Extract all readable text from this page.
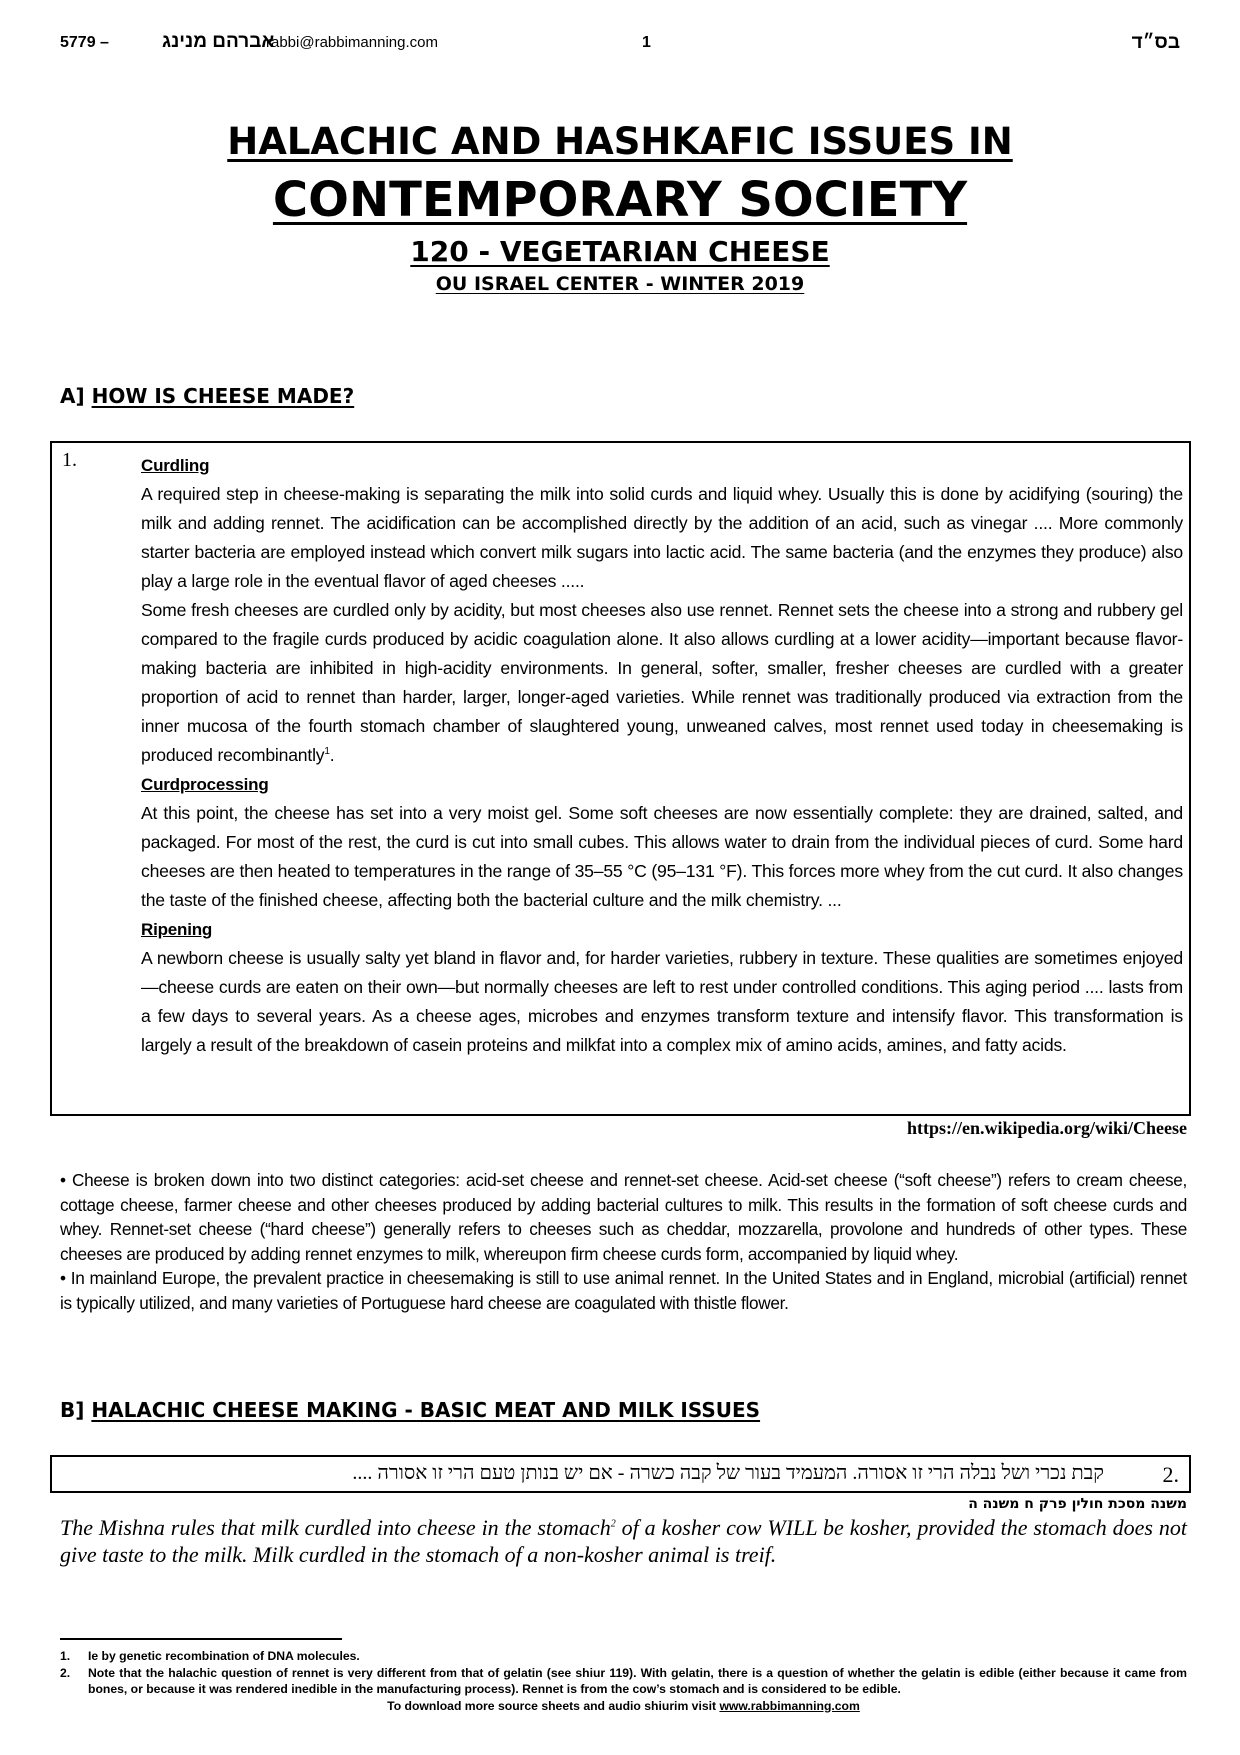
5779 –	אברהם מנינג
rabbi@rabbimanning.com	1	בס״ד
HALACHIC AND HASHKAFIC ISSUES IN
CONTEMPORARY SOCIETY
120 - VEGETARIAN CHEESE
OU ISRAEL CENTER - WINTER 2019
A] HOW IS CHEESE MADE?
1.	Curdling

A required step in cheese-making is separating the milk into solid curds and liquid whey. Usually this is done by acidifying (souring) the milk and adding rennet. The acidification can be accomplished directly by the addition of an acid, such as vinegar .... More commonly starter bacteria are employed instead which convert milk sugars into lactic acid. The same bacteria (and the enzymes they produce) also play a large role in the eventual flavor of aged cheeses .....

Some fresh cheeses are curdled only by acidity, but most cheeses also use rennet. Rennet sets the cheese into a strong and rubbery gel compared to the fragile curds produced by acidic coagulation alone. It also allows curdling at a lower acidity—important because flavor-making bacteria are inhibited in high-acidity environments. In general, softer, smaller, fresher cheeses are curdled with a greater proportion of acid to rennet than harder, larger, longer-aged varieties. While rennet was traditionally produced via extraction from the inner mucosa of the fourth stomach chamber of slaughtered young, unweaned calves, most rennet used today in cheesemaking is produced recombinantly$^1$.

Curdprocessing

At this point, the cheese has set into a very moist gel. Some soft cheeses are now essentially complete: they are drained, salted, and packaged. For most of the rest, the curd is cut into small cubes. This allows water to drain from the individual pieces of curd. Some hard cheeses are then heated to temperatures in the range of 35–55 °C (95–131 °F). This forces more whey from the cut curd. It also changes the taste of the finished cheese, affecting both the bacterial culture and the milk chemistry. ...

Ripening

A newborn cheese is usually salty yet bland in flavor and, for harder varieties, rubbery in texture. These qualities are sometimes enjoyed—cheese curds are eaten on their own—but normally cheeses are left to rest under controlled conditions. This aging period .... lasts from a few days to several years. As a cheese ages, microbes and enzymes transform texture and intensify flavor. This transformation is largely a result of the breakdown of casein proteins and milkfat into a complex mix of amino acids, amines, and fatty acids.

https://en.wikipedia.org/wiki/Cheese

• Cheese is broken down into two distinct categories: acid-set cheese and rennet-set cheese. Acid-set cheese (“soft cheese”) refers to cream cheese, cottage cheese, farmer cheese and other cheeses produced by adding bacterial cultures to milk. This results in the formation of soft cheese curds and whey. Rennet-set cheese (“hard cheese”) generally refers to cheeses such as cheddar, mozzarella, provolone and hundreds of other types. These cheeses are produced by adding rennet enzymes to milk, whereupon firm cheese curds form, accompanied by liquid whey.

• In mainland Europe, the prevalent practice in cheesemaking is still to use animal rennet. In the United States and in England, microbial (artificial) rennet is typically utilized, and many varieties of Portuguese hard cheese are coagulated with thistle flower.

B] HALACHIC CHEESE MAKING - BASIC MEAT AND MILK ISSUES
2.
קבת נכרי ושל נבלה הרי זו אסורה. המעמיד בעור של קבה כשרה - אם יש בנותן טעם הרי זו אסורה ....
משנה מסכת חולין פרק ח משנה ה
The Mishna rules that milk curdled into cheese in the stomach$^2$ of a kosher cow WILL be kosher, provided the stomach does not give taste to the milk. Milk curdled in the stomach of a non-kosher animal is treif.
1. Ie by genetic recombination of DNA molecules.
2. Note that the halachic question of rennet is very different from that of gelatin (see shiur 119). With gelatin, there is a question of whether the gelatin is edible (either because it came from bones, or because it was rendered inedible in the manufacturing process). Rennet is from the cow’s stomach and is considered to be edible.
To download more source sheets and audio shiurim visit www.rabbimanning.com
